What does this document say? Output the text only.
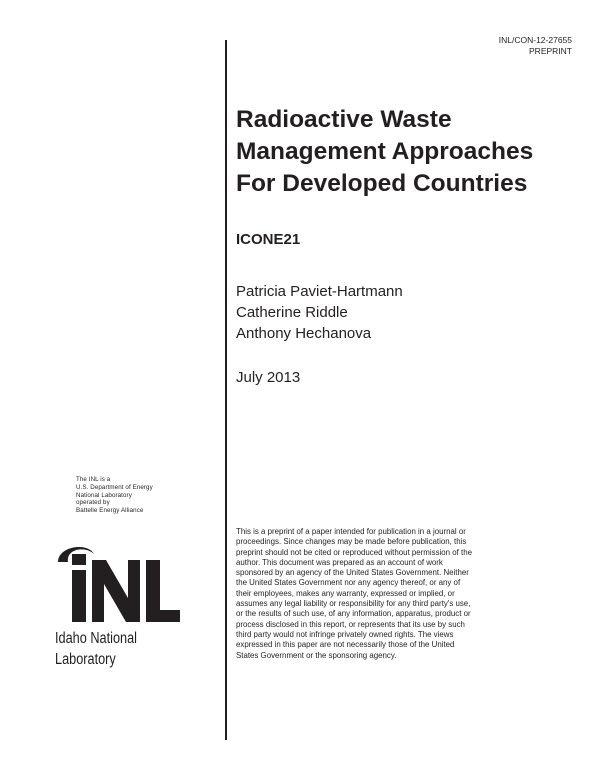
INL/CON-12-27655
PREPRINT
Radioactive Waste
Management Approaches
For Developed Countries
ICONE21
Patricia Paviet-Hartmann
Catherine Riddle
Anthony Hechanova
July 2013
The INL is a
U.S. Department of Energy
National Laboratory
operated by
Battelle Energy Alliance
Idaho National
Laboratory
This is a preprint of a paper intended for publication in a journal or
proceedings. Since changes may be made before publication, this
preprint should not be cited or reproduced without permission of the
author. This document was prepared as an account of work
sponsored by an agency of the United States Government. Neither
the United States Government nor any agency thereof, or any of
their employees, makes any warranty, expressed or implied, or
assumes any legal liability or responsibility for any third party's use,
or the results of such use, of any information, apparatus, product or
process disclosed in this report, or represents that its use by such
third party would not infringe privately owned rights. The views
expressed in this paper are not necessarily those of the United
States Government or the sponsoring agency.
